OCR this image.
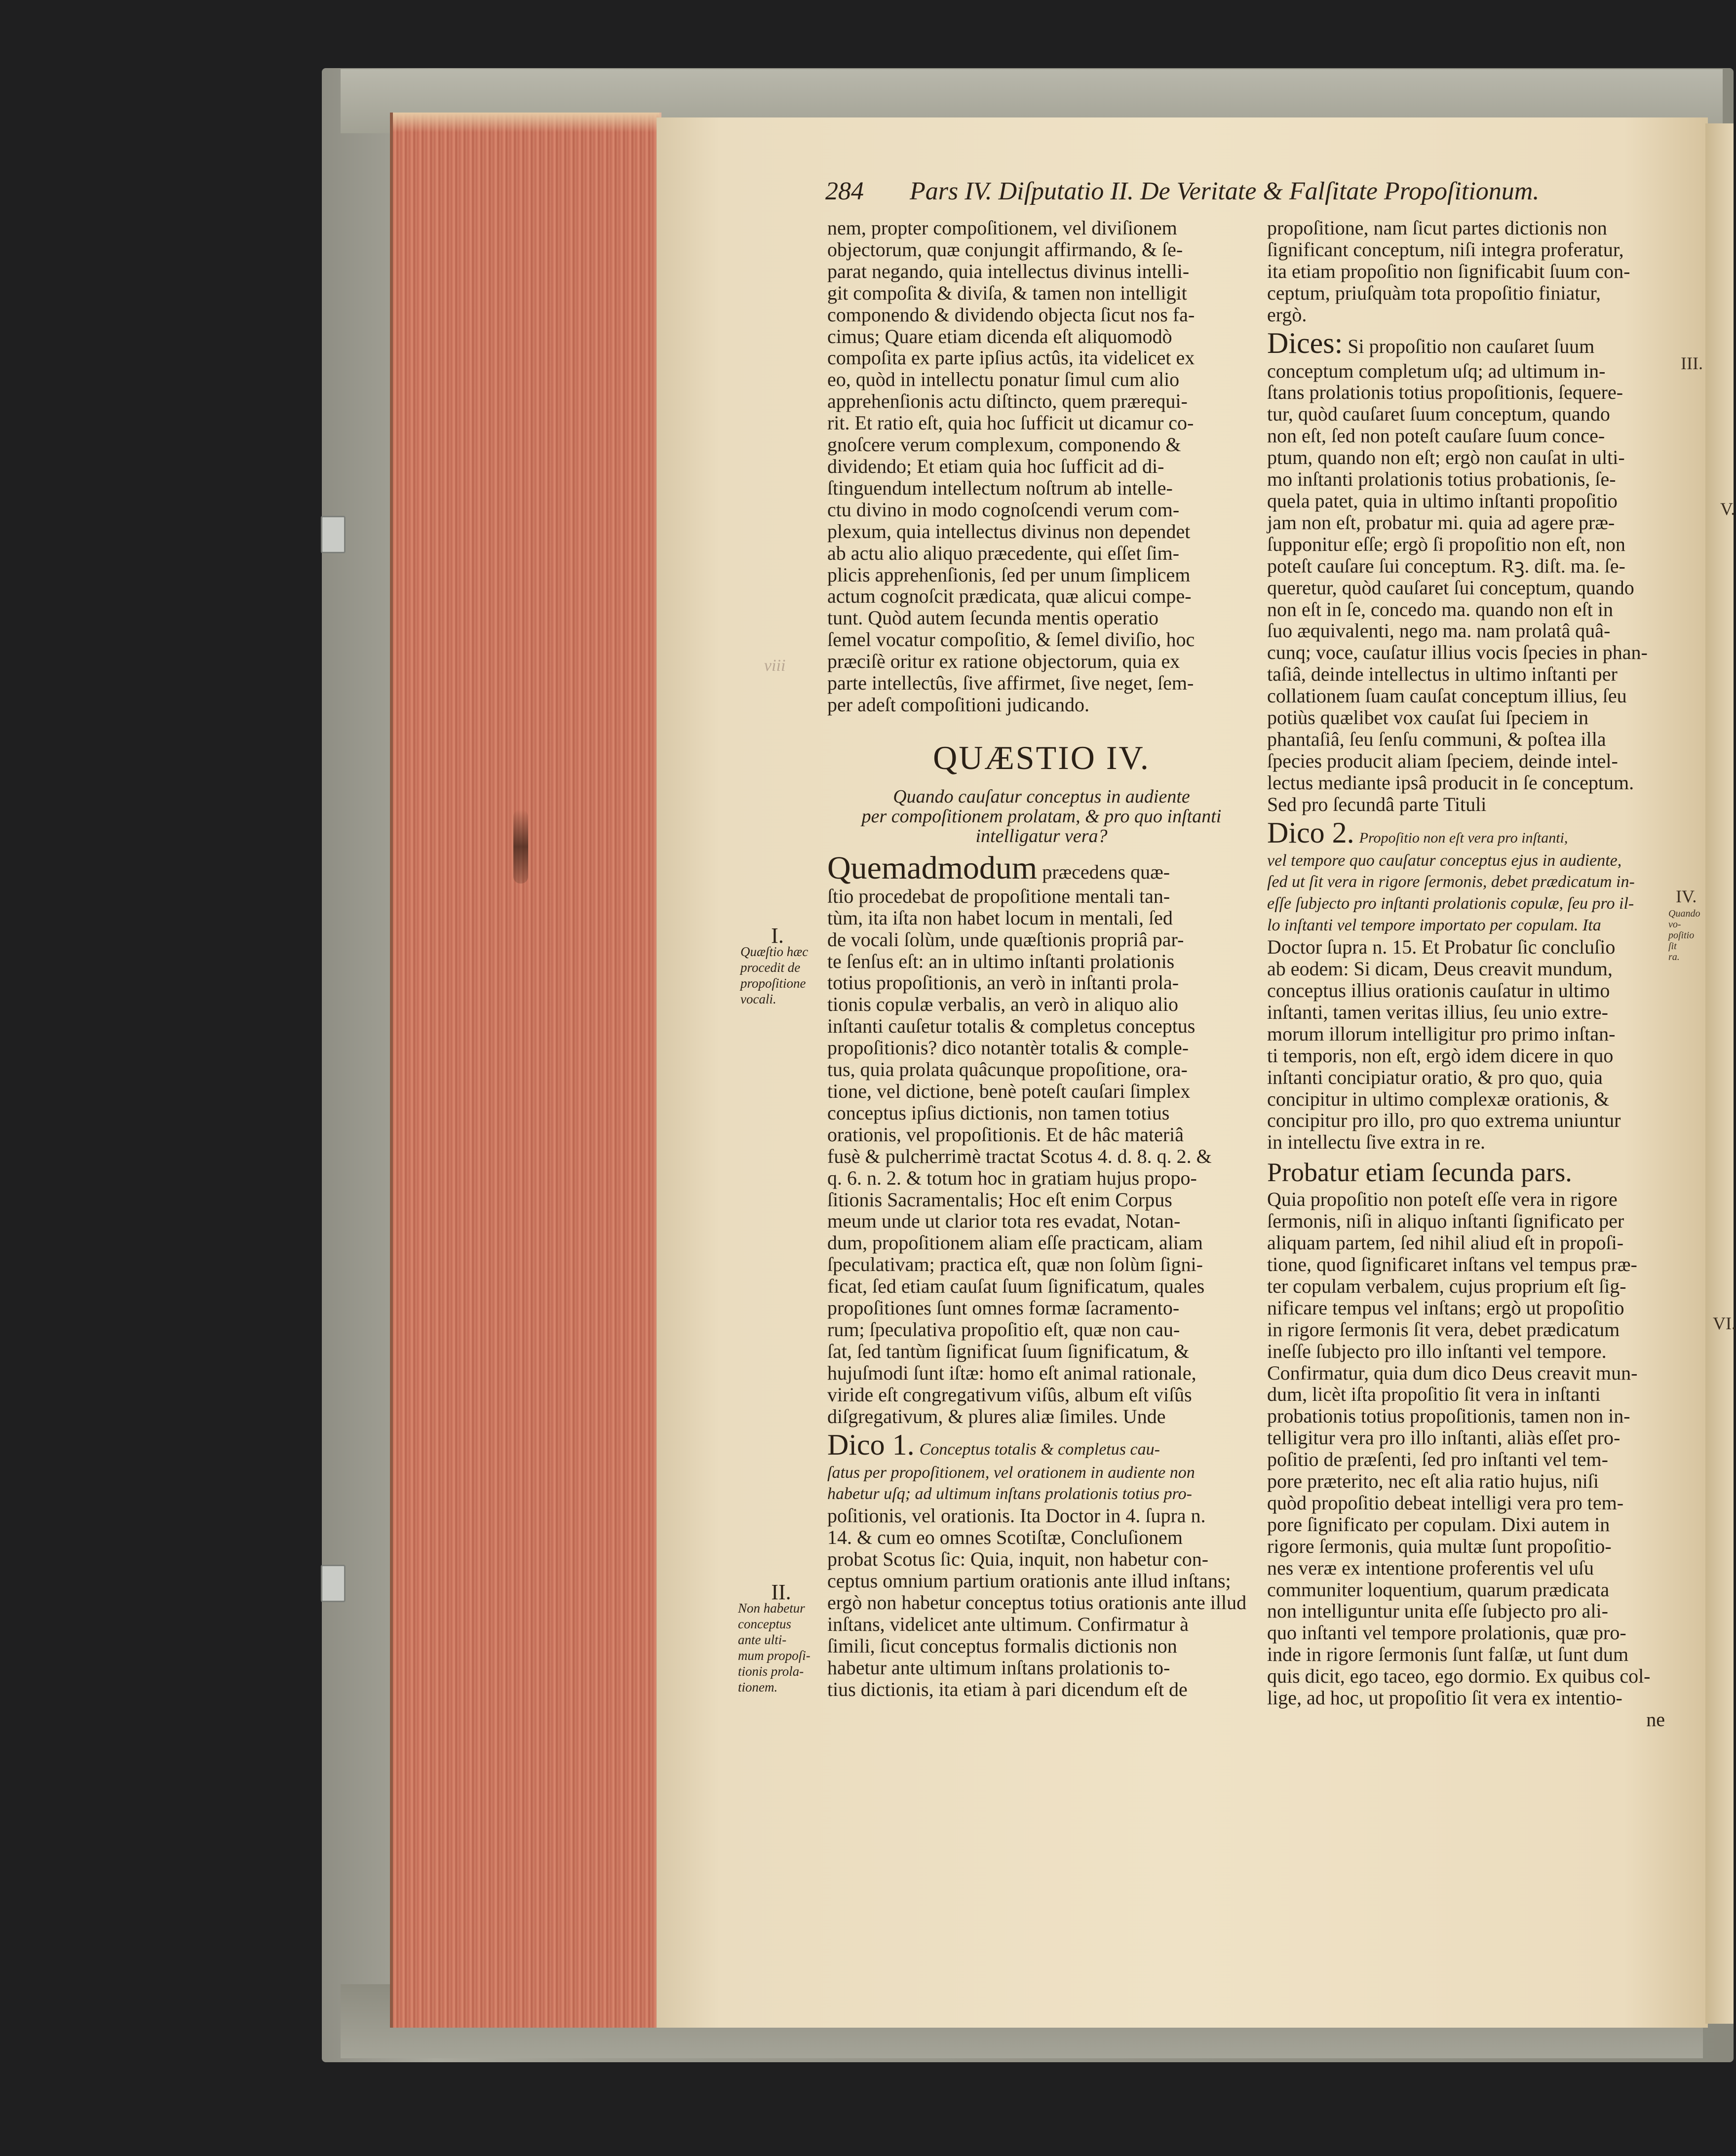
284 Pars IV. Diſputatio II. De Veritate & Falſitate Propoſitionum.
I.
Quæſtio hæc
procedit de
propoſitione
vocali.
II.
Non habetur
conceptus
ante ulti-
mum propoſi-
tionis prola-
tionem.
viii
III.
V.
IV.
Quando vo-
poſitio ſit
ra.
VI.
nem, propter compoſitionem, vel diviſionem
objectorum, quæ conjungit affirmando, & ſe-
parat negando, quia intellectus divinus intelli-
git compoſita & diviſa, & tamen non intelligit
componendo & dividendo objecta ſicut nos fa-
cimus; Quare etiam dicenda eſt aliquomodò
compoſita ex parte ipſius actûs, ita videlicet ex
eo, quòd in intellectu ponatur ſimul cum alio
apprehenſionis actu diſtincto, quem prærequi-
rit. Et ratio eſt, quia hoc ſufficit ut dicamur co-
gnoſcere verum complexum, componendo &
dividendo; Et etiam quia hoc ſufficit ad di-
ſtinguendum intellectum noſtrum ab intelle-
ctu divino in modo cognoſcendi verum com-
plexum, quia intellectus divinus non dependet
ab actu alio aliquo præcedente, qui eſſet ſim-
plicis apprehenſionis, ſed per unum ſimplicem
actum cognoſcit prædicata, quæ alicui compe-
tunt. Quòd autem ſecunda mentis operatio
ſemel vocatur compoſitio, & ſemel diviſio, hoc
præciſè oritur ex ratione objectorum, quia ex
parte intellectûs, ſive affirmet, ſive neget, ſem-
per adeſt compoſitioni judicando.
QUÆSTIO IV.
Quando cauſatur conceptus in audiente
per compoſitionem prolatam, & pro quo inſtanti
intelligatur vera?
Quemadmodum præcedens quæ-
ſtio procedebat de propoſitione mentali tan-
tùm, ita iſta non habet locum in mentali, ſed
de vocali ſolùm, unde quæſtionis propriâ par-
te ſenſus eſt: an in ultimo inſtanti prolationis
totius propoſitionis, an verò in inſtanti prola-
tionis copulæ verbalis, an verò in aliquo alio
inſtanti cauſetur totalis & completus conceptus
propoſitionis? dico notantèr totalis & comple-
tus, quia prolata quâcunque propoſitione, ora-
tione, vel dictione, benè poteſt cauſari ſimplex
conceptus ipſius dictionis, non tamen totius
orationis, vel propoſitionis. Et de hâc materiâ
fusè & pulcherrimè tractat Scotus 4. d. 8. q. 2. &
q. 6. n. 2. & totum hoc in gratiam hujus propo-
ſitionis Sacramentalis; Hoc eſt enim Corpus
meum unde ut clarior tota res evadat, Notan-
dum, propoſitionem aliam eſſe practicam, aliam
ſpeculativam; practica eſt, quæ non ſolùm ſigni-
ficat, ſed etiam cauſat ſuum ſignificatum, quales
propoſitiones ſunt omnes formæ ſacramento-
rum; ſpeculativa propoſitio eſt, quæ non cau-
ſat, ſed tantùm ſignificat ſuum ſignificatum, &
hujuſmodi ſunt iſtæ: homo eſt animal rationale,
viride eſt congregativum viſûs, album eſt viſûs
diſgregativum, & plures aliæ ſimiles. Unde
Dico 1. Conceptus totalis & completus cau-
ſatus per propoſitionem, vel orationem in audiente non
habetur uſq; ad ultimum inſtans prolationis totius pro-
poſitionis, vel orationis. Ita Doctor in 4. ſupra n.
14. & cum eo omnes Scotiſtæ, Concluſionem
probat Scotus ſic: Quia, inquit, non habetur con-
ceptus omnium partium orationis ante illud inſtans;
ergò non habetur conceptus totius orationis ante illud
inſtans, videlicet ante ultimum. Confirmatur à
ſimili, ſicut conceptus formalis dictionis non
habetur ante ultimum inſtans prolationis to-
tius dictionis, ita etiam à pari dicendum eſt de
propoſitione, nam ſicut partes dictionis non
ſignificant conceptum, niſi integra proferatur,
ita etiam propoſitio non ſignificabit ſuum con-
ceptum, priuſquàm tota propoſitio finiatur,
ergò.
Dices: Si propoſitio non cauſaret ſuum
conceptum completum uſq; ad ultimum in-
ſtans prolationis totius propoſitionis, ſequere-
tur, quòd cauſaret ſuum conceptum, quando
non eſt, ſed non poteſt cauſare ſuum conce-
ptum, quando non eſt; ergò non cauſat in ulti-
mo inſtanti prolationis totius probationis, ſe-
quela patet, quia in ultimo inſtanti propoſitio
jam non eſt, probatur mi. quia ad agere præ-
ſupponitur eſſe; ergò ſi propoſitio non eſt, non
poteſt cauſare ſui conceptum. Rꝫ. diſt. ma. ſe-
queretur, quòd cauſaret ſui conceptum, quando
non eſt in ſe, concedo ma. quando non eſt in
ſuo æquivalenti, nego ma. nam prolatâ quâ-
cunq; voce, cauſatur illius vocis ſpecies in phan-
taſiâ, deinde intellectus in ultimo inſtanti per
collationem ſuam cauſat conceptum illius, ſeu
potiùs quælibet vox cauſat ſui ſpeciem in
phantaſiâ, ſeu ſenſu communi, & poſtea illa
ſpecies producit aliam ſpeciem, deinde intel-
lectus mediante ipsâ producit in ſe conceptum.
Sed pro ſecundâ parte Tituli
Dico 2. Propoſitio non eſt vera pro inſtanti,
vel tempore quo cauſatur conceptus ejus in audiente,
ſed ut ſit vera in rigore ſermonis, debet prædicatum in-
eſſe ſubjecto pro inſtanti prolationis copulæ, ſeu pro il-
lo inſtanti vel tempore importato per copulam. Ita
Doctor ſupra n. 15. Et Probatur ſic concluſio
ab eodem: Si dicam, Deus creavit mundum,
conceptus illius orationis cauſatur in ultimo
inſtanti, tamen veritas illius, ſeu unio extre-
morum illorum intelligitur pro primo inſtan-
ti temporis, non eſt, ergò idem dicere in quo
inſtanti concipiatur oratio, & pro quo, quia
concipitur in ultimo complexæ orationis, &
concipitur pro illo, pro quo extrema uniuntur
in intellectu ſive extra in re.
Probatur etiam ſecunda pars.
Quia propoſitio non poteſt eſſe vera in rigore
ſermonis, niſi in aliquo inſtanti ſignificato per
aliquam partem, ſed nihil aliud eſt in propoſi-
tione, quod ſignificaret inſtans vel tempus præ-
ter copulam verbalem, cujus proprium eſt ſig-
nificare tempus vel inſtans; ergò ut propoſitio
in rigore ſermonis ſit vera, debet prædicatum
ineſſe ſubjecto pro illo inſtanti vel tempore.
Confirmatur, quia dum dico Deus creavit mun-
dum, licèt iſta propoſitio ſit vera in inſtanti
probationis totius propoſitionis, tamen non in-
telligitur vera pro illo inſtanti, aliàs eſſet pro-
poſitio de præſenti, ſed pro inſtanti vel tem-
pore præterito, nec eſt alia ratio hujus, niſi
quòd propoſitio debeat intelligi vera pro tem-
pore ſignificato per copulam. Dixi autem in
rigore ſermonis, quia multæ ſunt propoſitio-
nes veræ ex intentione proferentis vel uſu
communiter loquentium, quarum prædicata
non intelliguntur unita eſſe ſubjecto pro ali-
quo inſtanti vel tempore prolationis, quæ pro-
inde in rigore ſermonis ſunt falſæ, ut ſunt dum
quis dicit, ego taceo, ego dormio. Ex quibus col-
lige, ad hoc, ut propoſitio ſit vera ex intentio-
ne
